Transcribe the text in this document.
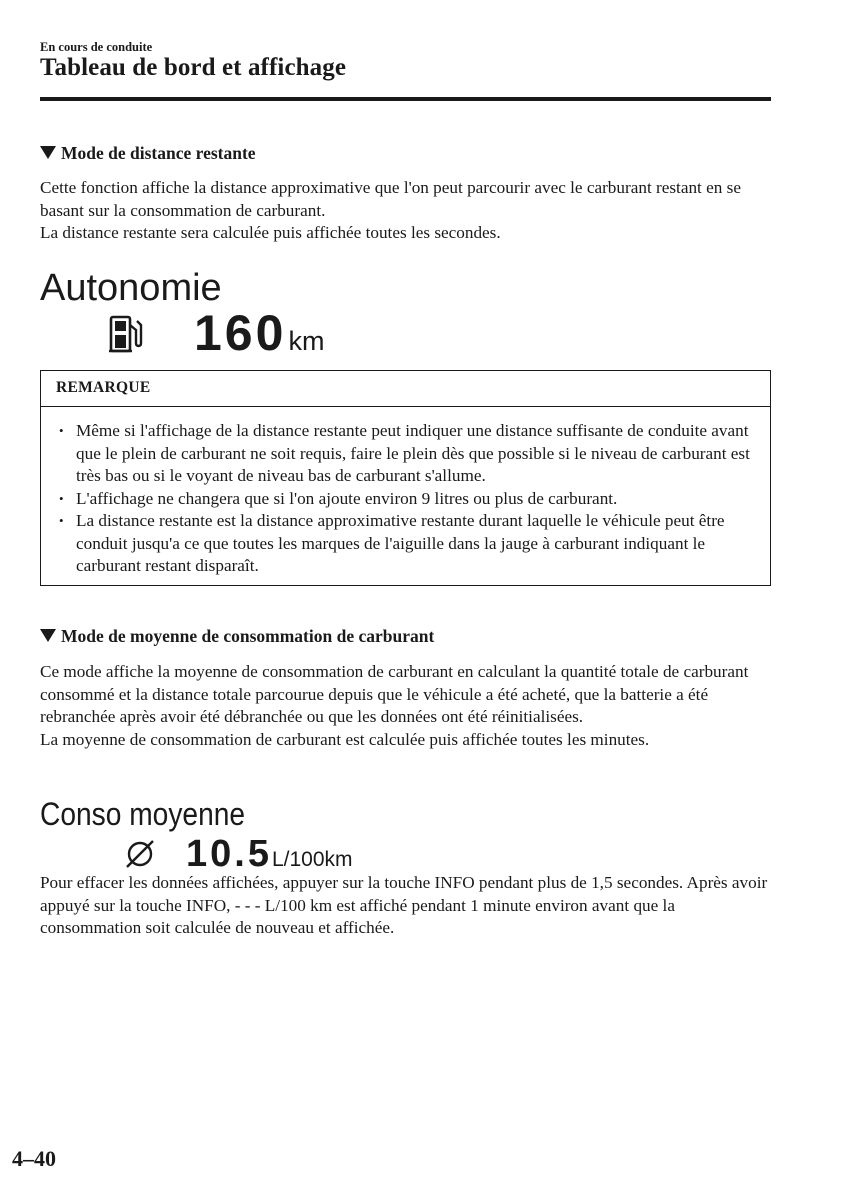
En cours de conduite
Tableau de bord et affichage
Mode de distance restante

Cette fonction affiche la distance approximative que l'on peut parcourir avec le carburant restant en se basant sur la consommation de carburant.

La distance restante sera calculée puis affichée toutes les secondes.

Autonomie
160km
REMARQUE
• Même si l'affichage de la distance restante peut indiquer une distance suffisante de conduite avant que le plein de carburant ne soit requis, faire le plein dès que possible si le niveau de carburant est très bas ou si le voyant de niveau bas de carburant s'allume.
• L'affichage ne changera que si l'on ajoute environ 9 litres ou plus de carburant.
• La distance restante est la distance approximative restante durant laquelle le véhicule peut être conduit jusqu'a ce que toutes les marques de l'aiguille dans la jauge à carburant indiquant le carburant restant disparaît.
Mode de moyenne de consommation de carburant

Ce mode affiche la moyenne de consommation de carburant en calculant la quantité totale de carburant consommé et la distance totale parcourue depuis que le véhicule a été acheté, que la batterie a été rebranchée après avoir été débranchée ou que les données ont été réinitialisées.

La moyenne de consommation de carburant est calculée puis affichée toutes les minutes.

Conso moyenne
10.5L/100km

Pour effacer les données affichées, appuyer sur la touche INFO pendant plus de 1,5 secondes. Après avoir appuyé sur la touche INFO, - - - L/100 km est affiché pendant 1 minute environ avant que la consommation soit calculée de nouveau et affichée.

4–40
